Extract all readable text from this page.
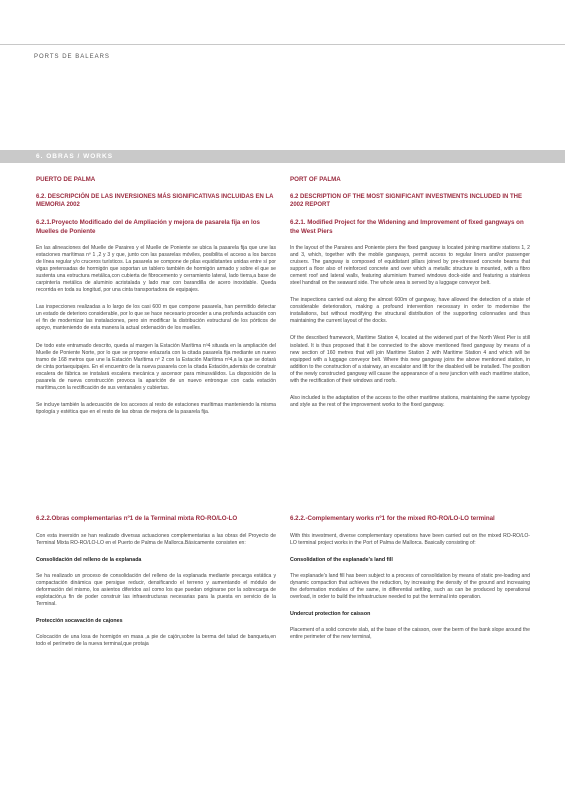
PORTS DE BALEARS
6. OBRAS / WORKS
PUERTO DE PALMA
6.2. DESCRIPCIÓN DE LAS INVERSIONES MÁS SIGNIFICATIVAS INCLUIDAS EN LA MEMORIA 2002
6.2.1.Proyecto Modificado del de Ampliación y mejora de pasarela fija en los Muelles de Poniente

En las alineaciones del Muelle de Paraires y el Muelle de Poniente se ubica la pasarela fija que une las estaciones marítimas nº 1 ,2 y 3 y que, junto con las pasarelas móviles, posibilita el acceso a los barcos de línea regular y/o cruceros turísticos. La pasarela se compone de pilas equidistantes unidas entre sí por vigas pretensadas de hormigón que soportan un tablero también de hormigón armado y sobre el que se sustenta una estructura metálica,con cubierta de fibrocemento y cerramiento lateral, lado tierra,a base de carpintería metálica de aluminio acristalada y lado mar con barandilla de acero inoxidable. Queda recorrida en toda su longitud, por una cinta transportadora de equipajes.

Las inspecciones realizadas a lo largo de los casi 600 m que compone pasarela, han permitido detectar un estado de deterioro considerable, por lo que se hace necesario proceder a una profunda actuación con el fin de modernizar las instalaciones, pero sin modificar la distribución estructural de los pórticos de apoyo, manteniendo de esta manera la actual ordenación de los muelles.

De todo este entramado descrito, queda al margen la Estación Marítima nº4 situada en la ampliación del Muelle de Poniente Norte, por lo que se propone enlazarla con la citada pasarela fija mediante un nuevo tramo de 168 metros que une la Estación Marítima nº 2 con la Estación Marítima nº4,a la que se dotará de cinta portaequipajes. En el encuentro de la nueva pasarela con la citada Estación,además de construir escalera de fábrica se instalará escalera mecánica y ascensor para minusválidos. La disposición de la pasarela de nueva construcción provoca la aparición de un nuevo entronque con cada estación marítima,con la rectificación de sus ventanales y cubiertas.

Se incluye también la adecuación de los accesos al resto de estaciones marítimas manteniendo la misma tipología y estética que en el resto de las obras de mejora de la pasarela fija.

6.2.2.Obras complementarias nº1 de la Terminal mixta RO-RO/LO-LO

Con esta inversión se han realizado diversas actuaciones complementarias a las obras del Proyecto de Terminal Mixta RO-RO/LO-LO en el Puerto de Palma de Mallorca.Básicamente consisten en:

Consolidación del relleno de la explanada

Se ha realizado un proceso de consolidación del relleno de la explanada mediante precarga estática y compactación dinámica que persigue reducir, densificando el terreno y aumentando el módulo de deformación del mismo, los asientos diferidos así como los que puedan originarse por la sobrecarga de explotación,a fin de poder construir las infraestructuras necesarias para la puesta en servicio de la Terminal.

Protección socavación de cajones

Colocación de una losa de hormigón en masa ,a pie de cajón,sobre la berma del talud de banqueta,en todo el perímetro de la nueva terminal,que protaja

PORT OF PALMA
6.2 DESCRIPTION OF THE MOST SIGNIFICANT INVESTMENTS INCLUDED IN THE 2002 REPORT
6.2.1. Modified Project for the Widening and Improvement of fixed gangways on the West Piers

In the layout of the Paraires and Poniente piers the fixed gangway is located joining maritime stations 1, 2 and 3, which, together with the mobile gangways, permit access to regular liners and/or passenger cruisers. The gangway is composed of equidistant pillars joined by pre-stressed concrete beams that support a floor also of reinforced concrete and over which a metallic structure is mounted, with a fibro cement roof and lateral walls, featuring aluminium framed windows dock-side and featuring a stainless steel handrail on the seaward side. The whole area is served by a luggage conveyor belt.

The inspections carried out along the almost 600m of gangway, have allowed the detection of a state of considerable deterioration, making a profound intervention necessary in order to modernise the installations, but without modifying the structural distribution of the supporting colonnades and thus maintaining the current layout of the docks.

Of the described framework, Maritime Station 4, located at the widened part of the North West Pier is still isolated. It is thus proposed that it be connected to the above mentioned fixed gangway by means of a new section of 160 metres that will join Maritime Station 2 with Maritime Station 4 and which will be equipped with a luggage conveyor belt. Where this new gangway joins the above mentioned station, in addition to the construction of a stairway, an escalator and lift for the disabled will be installed. The position of the newly constructed gangway will cause the appearance of a new junction with each maritime station, with the rectification of their windows and roofs.

Also included is the adaptation of the access to the other maritime stations, maintaining the same typology and style as the rest of the improvement works to the fixed gangway.

6.2.2.-Complementary works nº1 for the mixed RO-RO/LO-LO terminal

With this investment, diverse complementary operations have been carried out on the mixed RO-RO/LO-LO terminal project works in the Port of Palma de Mallorca. Basically consisting of:

Consolidation of the esplanade's land fill

The esplanade's land fill has been subject to a process of consolidation by means of static pre-loading and dynamic compaction that achieves the reduction, by increasing the density of the ground and increasing the deformation modules of the same, in differential settling, such as can be produced by operational overload, in order to build the infrastructure needed to put the terminal into operation.

Undercut protection for caisson

Placement of a solid concrete slab, at the base of the caisson, over the berm of the bank slope around the entire perimeter of the new terminal,
